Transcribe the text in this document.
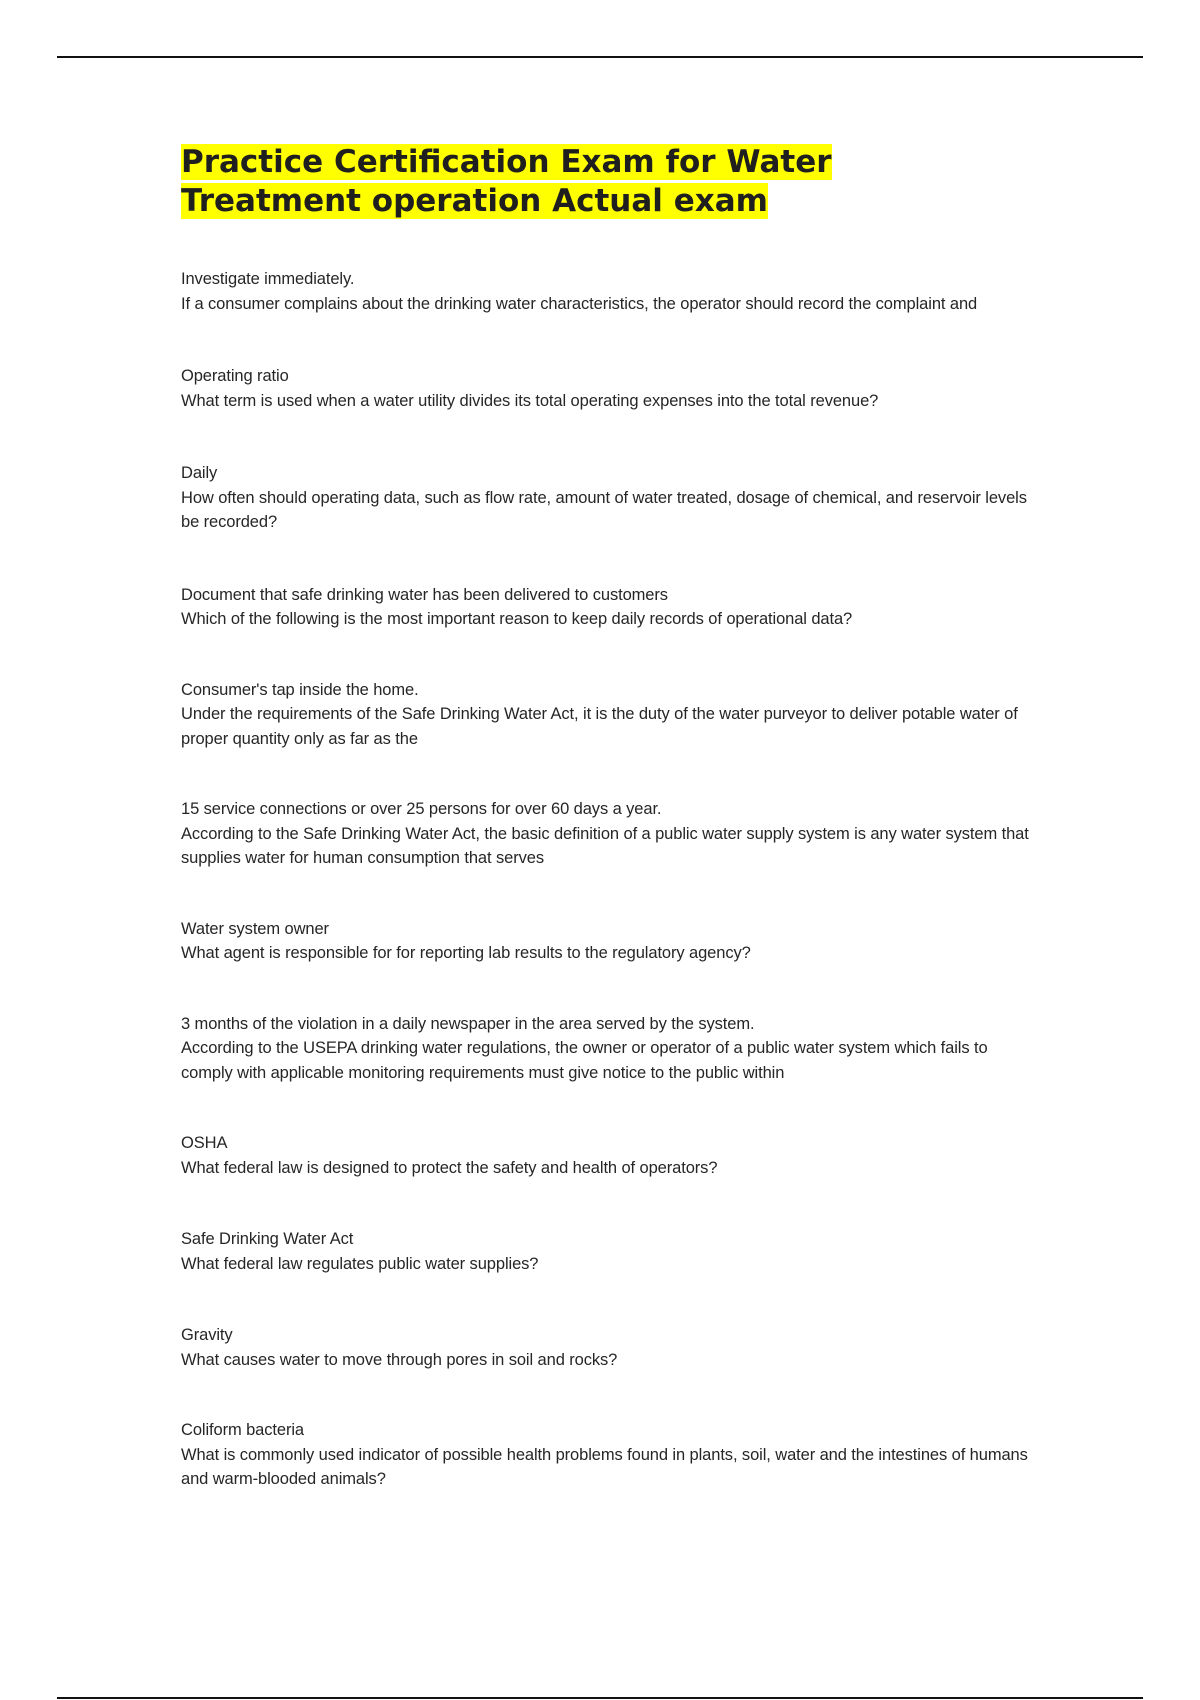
Practice Certification Exam for Water
Treatment operation Actual exam

Investigate immediately.

If a consumer complains about the drinking water characteristics, the operator should record the complaint and

Operating ratio

What term is used when a water utility divides its total operating expenses into the total revenue?

Daily

How often should operating data, such as flow rate, amount of water treated, dosage of chemical, and reservoir levels be recorded?

Document that safe drinking water has been delivered to customers

Which of the following is the most important reason to keep daily records of operational data?

Consumer's tap inside the home.

Under the requirements of the Safe Drinking Water Act, it is the duty of the water purveyor to deliver potable water of proper quantity only as far as the

15 service connections or over 25 persons for over 60 days a year.

According to the Safe Drinking Water Act, the basic definition of a public water supply system is any water system that supplies water for human consumption that serves

Water system owner

What agent is responsible for for reporting lab results to the regulatory agency?

3 months of the violation in a daily newspaper in the area served by the system.

According to the USEPA drinking water regulations, the owner or operator of a public water system which fails to comply with applicable monitoring requirements must give notice to the public within

OSHA

What federal law is designed to protect the safety and health of operators?

Safe Drinking Water Act

What federal law regulates public water supplies?

Gravity

What causes water to move through pores in soil and rocks?

Coliform bacteria

What is commonly used indicator of possible health problems found in plants, soil, water and the intestines of humans and warm-blooded animals?
